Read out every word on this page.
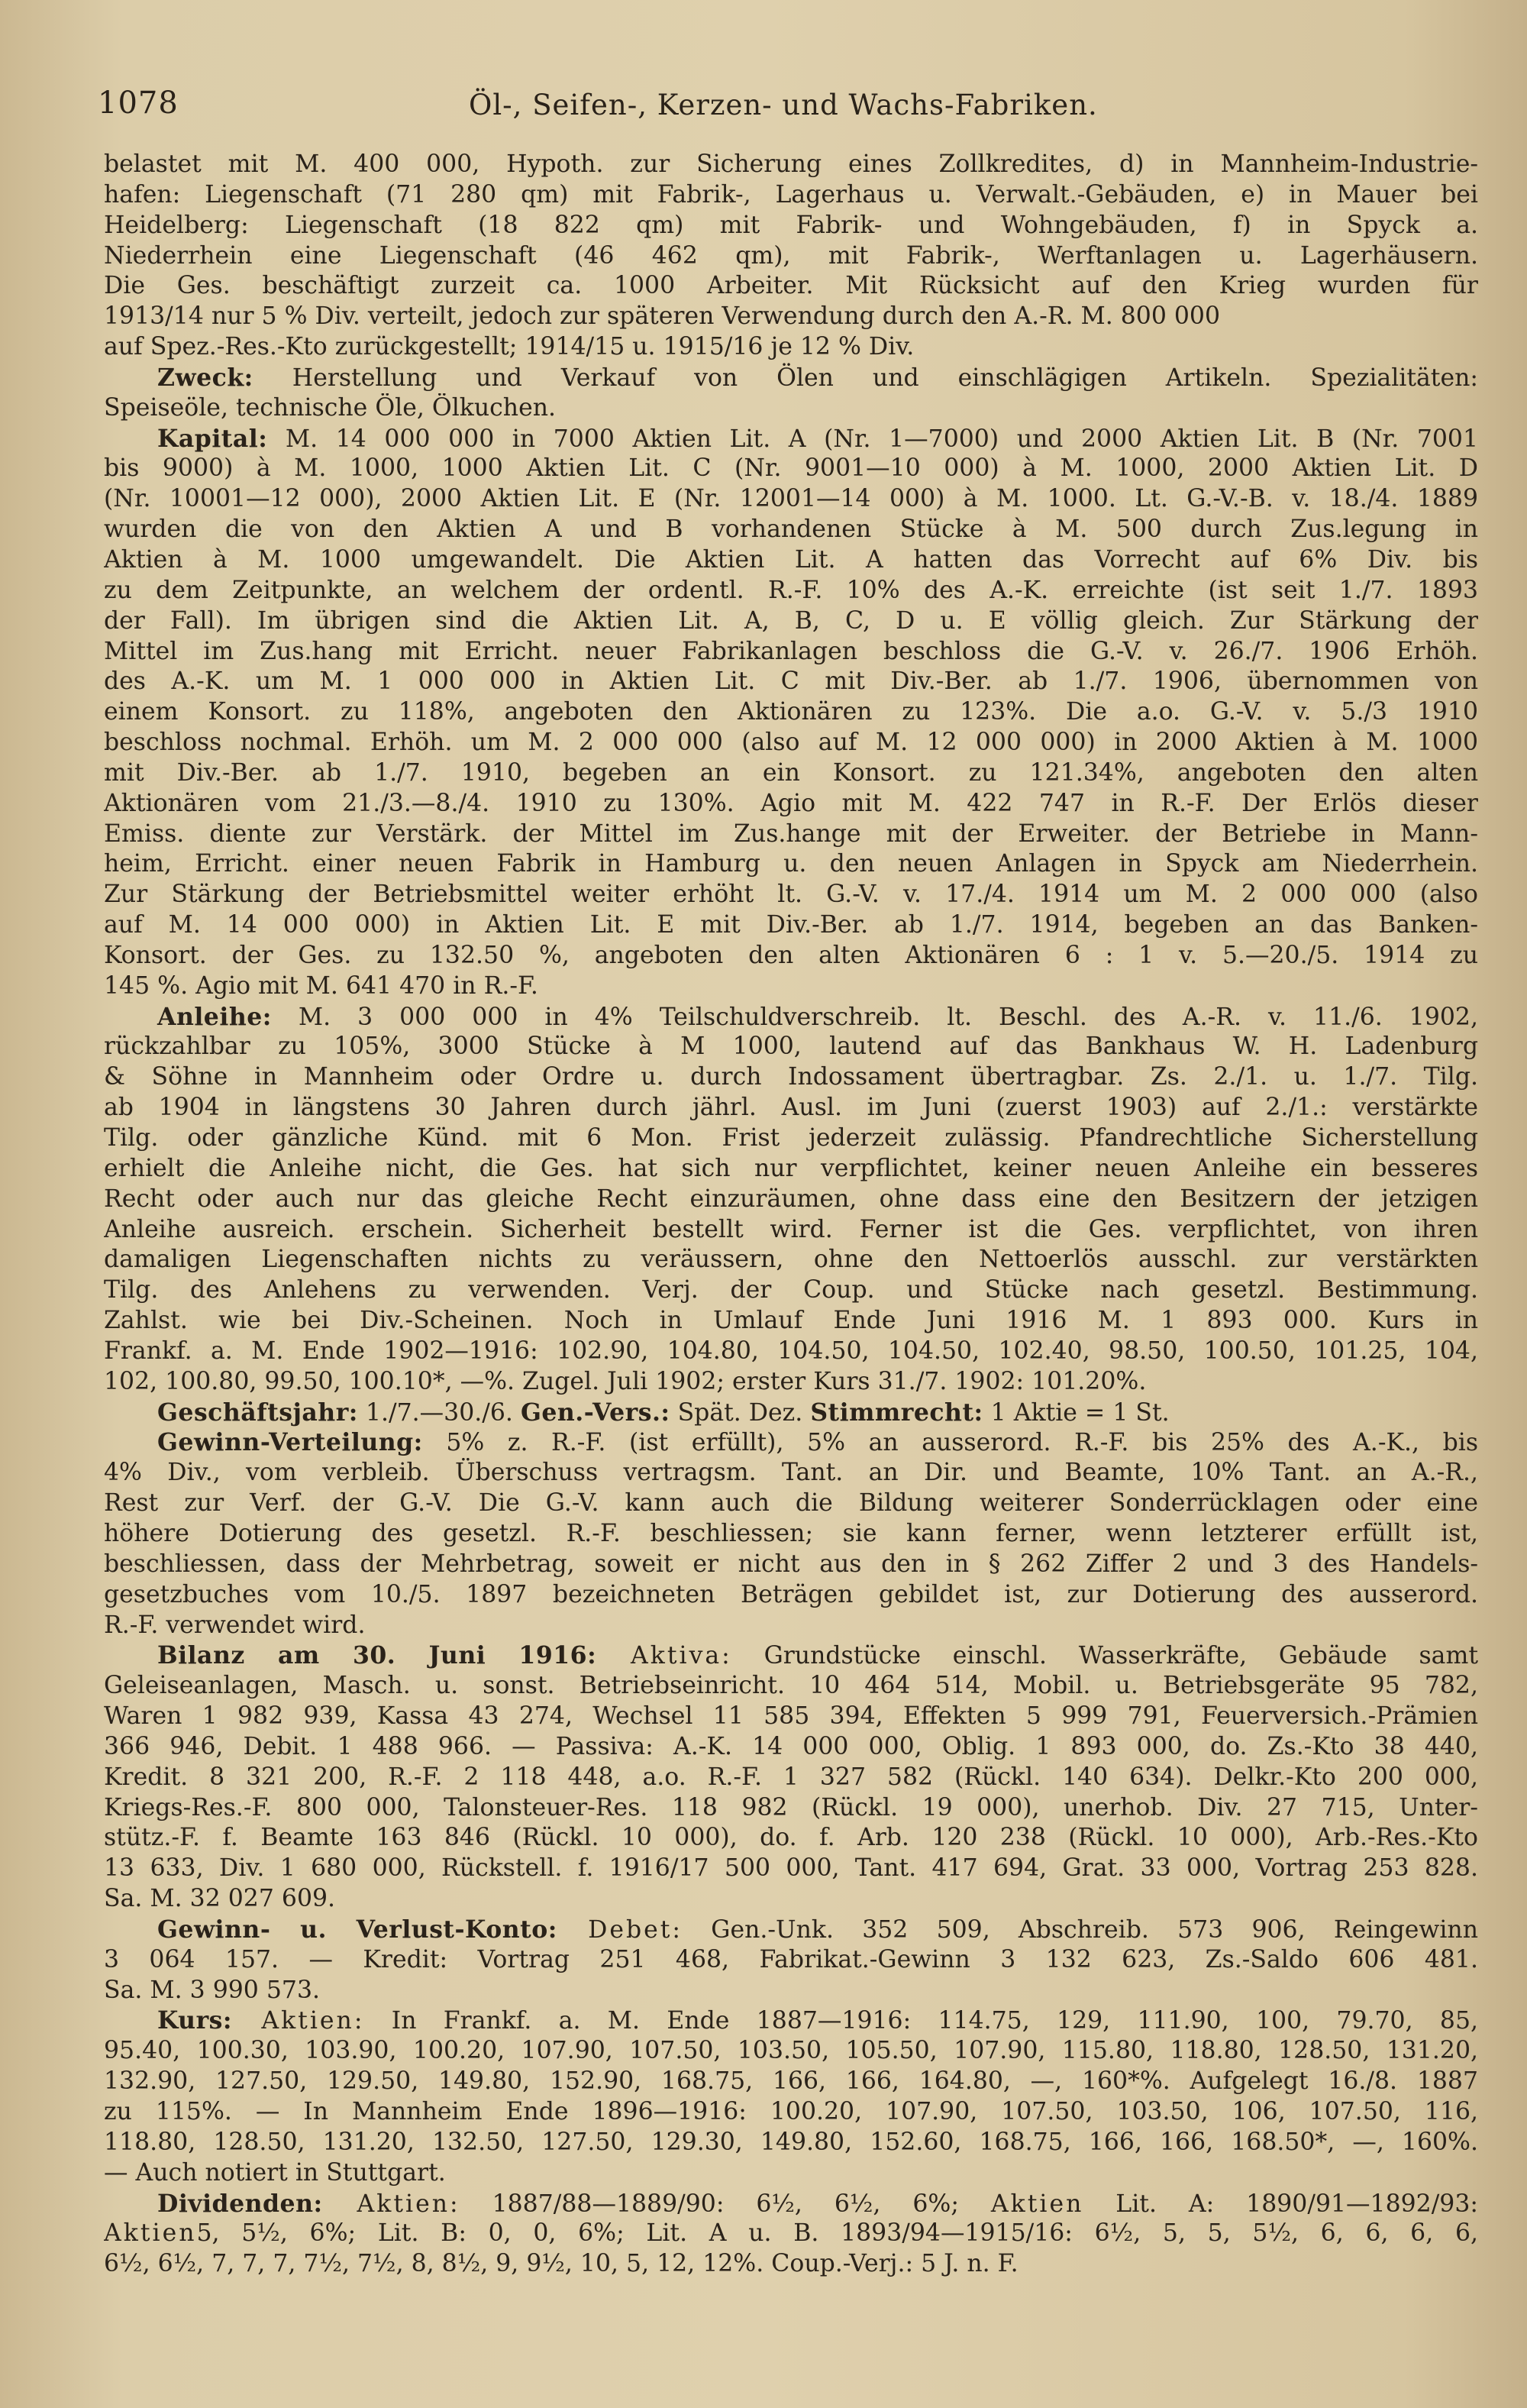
1078	Öl-, Seifen-, Kerzen- und Wachs-Fabriken.
belastet mit M. 400 000, Hypoth. zur Sicherung eines Zollkredites, d) in Mannheim-Industrie-
hafen: Liegenschaft (71 280 qm) mit Fabrik-, Lagerhaus u. Verwalt.-Gebäuden, e) in Mauer bei
Heidelberg: Liegenschaft (18 822 qm) mit Fabrik- und Wohngebäuden, f) in Spyck a.
Niederrhein eine Liegenschaft (46 462 qm), mit Fabrik-, Werftanlagen u. Lagerhäusern.
Die Ges. beschäftigt zurzeit ca. 1000 Arbeiter. Mit Rücksicht auf den Krieg wurden für
1913/14 nur 5 % Div. verteilt, jedoch zur späteren Verwendung durch den A.-R. M. 800 000
auf Spez.-Res.-Kto zurückgestellt; 1914/15 u. 1915/16 je 12 % Div.
Zweck: Herstellung und Verkauf von Ölen und einschlägigen Artikeln. Spezialitäten:
Speiseöle, technische Öle, Ölkuchen.
Kapital: M. 14 000 000 in 7000 Aktien Lit. A (Nr. 1—7000) und 2000 Aktien Lit. B (Nr. 7001
bis 9000) à M. 1000, 1000 Aktien Lit. C (Nr. 9001—10 000) à M. 1000, 2000 Aktien Lit. D
(Nr. 10001—12 000), 2000 Aktien Lit. E (Nr. 12001—14 000) à M. 1000. Lt. G.-V.-B. v. 18./4. 1889
wurden die von den Aktien A und B vorhandenen Stücke à M. 500 durch Zus.legung in
Aktien à M. 1000 umgewandelt. Die Aktien Lit. A hatten das Vorrecht auf 6% Div. bis
zu dem Zeitpunkte, an welchem der ordentl. R.-F. 10% des A.-K. erreichte (ist seit 1./7. 1893
der Fall). Im übrigen sind die Aktien Lit. A, B, C, D u. E völlig gleich. Zur Stärkung der
Mittel im Zus.hang mit Erricht. neuer Fabrikanlagen beschloss die G.-V. v. 26./7. 1906 Erhöh.
des A.-K. um M. 1 000 000 in Aktien Lit. C mit Div.-Ber. ab 1./7. 1906, übernommen von
einem Konsort. zu 118%, angeboten den Aktionären zu 123%. Die a.o. G.-V. v. 5./3 1910
beschloss nochmal. Erhöh. um M. 2 000 000 (also auf M. 12 000 000) in 2000 Aktien à M. 1000
mit Div.-Ber. ab 1./7. 1910, begeben an ein Konsort. zu 121.34%, angeboten den alten
Aktionären vom 21./3.—8./4. 1910 zu 130%. Agio mit M. 422 747 in R.-F. Der Erlös dieser
Emiss. diente zur Verstärk. der Mittel im Zus.hange mit der Erweiter. der Betriebe in Mann-
heim, Erricht. einer neuen Fabrik in Hamburg u. den neuen Anlagen in Spyck am Niederrhein.
Zur Stärkung der Betriebsmittel weiter erhöht lt. G.-V. v. 17./4. 1914 um M. 2 000 000 (also
auf M. 14 000 000) in Aktien Lit. E mit Div.-Ber. ab 1./7. 1914, begeben an das Banken-
Konsort. der Ges. zu 132.50 %, angeboten den alten Aktionären 6 : 1 v. 5.—20./5. 1914 zu
145 %. Agio mit M. 641 470 in R.-F.
Anleihe: M. 3 000 000 in 4% Teilschuldverschreib. lt. Beschl. des A.-R. v. 11./6. 1902,
rückzahlbar zu 105%, 3000 Stücke à M 1000, lautend auf das Bankhaus W. H. Ladenburg
& Söhne in Mannheim oder Ordre u. durch Indossament übertragbar. Zs. 2./1. u. 1./7. Tilg.
ab 1904 in längstens 30 Jahren durch jährl. Ausl. im Juni (zuerst 1903) auf 2./1.: verstärkte
Tilg. oder gänzliche Künd. mit 6 Mon. Frist jederzeit zulässig. Pfandrechtliche Sicherstellung
erhielt die Anleihe nicht, die Ges. hat sich nur verpflichtet, keiner neuen Anleihe ein besseres
Recht oder auch nur das gleiche Recht einzuräumen, ohne dass eine den Besitzern der jetzigen
Anleihe ausreich. erschein. Sicherheit bestellt wird. Ferner ist die Ges. verpflichtet, von ihren
damaligen Liegenschaften nichts zu veräussern, ohne den Nettoerlös ausschl. zur verstärkten
Tilg. des Anlehens zu verwenden. Verj. der Coup. und Stücke nach gesetzl. Bestimmung.
Zahlst. wie bei Div.-Scheinen. Noch in Umlauf Ende Juni 1916 M. 1 893 000. Kurs in
Frankf. a. M. Ende 1902—1916: 102.90, 104.80, 104.50, 104.50, 102.40, 98.50, 100.50, 101.25, 104,
102, 100.80, 99.50, 100.10*, —%. Zugel. Juli 1902; erster Kurs 31./7. 1902: 101.20%.
Geschäftsjahr: 1./7.—30./6. Gen.-Vers.: Spät. Dez. Stimmrecht: 1 Aktie = 1 St.
Gewinn-Verteilung: 5% z. R.-F. (ist erfüllt), 5% an ausserord. R.-F. bis 25% des A.-K., bis
4% Div., vom verbleib. Überschuss vertragsm. Tant. an Dir. und Beamte, 10% Tant. an A.-R.,
Rest zur Verf. der G.-V. Die G.-V. kann auch die Bildung weiterer Sonderrücklagen oder eine
höhere Dotierung des gesetzl. R.-F. beschliessen; sie kann ferner, wenn letzterer erfüllt ist,
beschliessen, dass der Mehrbetrag, soweit er nicht aus den in § 262 Ziffer 2 und 3 des Handels-
gesetzbuches vom 10./5. 1897 bezeichneten Beträgen gebildet ist, zur Dotierung des ausserord.
R.-F. verwendet wird.
Bilanz am 30. Juni 1916: Aktiva: Grundstücke einschl. Wasserkräfte, Gebäude samt
Geleiseanlagen, Masch. u. sonst. Betriebseinricht. 10 464 514, Mobil. u. Betriebsgeräte 95 782,
Waren 1 982 939, Kassa 43 274, Wechsel 11 585 394, Effekten 5 999 791, Feuerversich.-Prämien
366 946, Debit. 1 488 966. — Passiva: A.-K. 14 000 000, Oblig. 1 893 000, do. Zs.-Kto 38 440,
Kredit. 8 321 200, R.-F. 2 118 448, a.o. R.-F. 1 327 582 (Rückl. 140 634). Delkr.-Kto 200 000,
Kriegs-Res.-F. 800 000, Talonsteuer-Res. 118 982 (Rückl. 19 000), unerhob. Div. 27 715, Unter-
stütz.-F. f. Beamte 163 846 (Rückl. 10 000), do. f. Arb. 120 238 (Rückl. 10 000), Arb.-Res.-Kto
13 633, Div. 1 680 000, Rückstell. f. 1916/17 500 000, Tant. 417 694, Grat. 33 000, Vortrag 253 828.
Sa. M. 32 027 609.
Gewinn- u. Verlust-Konto: Debet: Gen.-Unk. 352 509, Abschreib. 573 906, Reingewinn
3 064 157. — Kredit: Vortrag 251 468, Fabrikat.-Gewinn 3 132 623, Zs.-Saldo 606 481.
Sa. M. 3 990 573.
Kurs: Aktien: In Frankf. a. M. Ende 1887—1916: 114.75, 129, 111.90, 100, 79.70, 85,
95.40, 100.30, 103.90, 100.20, 107.90, 107.50, 103.50, 105.50, 107.90, 115.80, 118.80, 128.50, 131.20,
132.90, 127.50, 129.50, 149.80, 152.90, 168.75, 166, 166, 164.80, —, 160*%. Aufgelegt 16./8. 1887
zu 115%. — In Mannheim Ende 1896—1916: 100.20, 107.90, 107.50, 103.50, 106, 107.50, 116,
118.80, 128.50, 131.20, 132.50, 127.50, 129.30, 149.80, 152.60, 168.75, 166, 166, 168.50*, —, 160%.
— Auch notiert in Stuttgart.
Dividenden: Aktien: 1887/88—1889/90: 6½, 6½, 6%; Aktien Lit. A: 1890/91—1892/93:
Aktien5, 5½, 6%; Lit. B: 0, 0, 6%; Lit. A u. B. 1893/94—1915/16: 6½, 5, 5, 5½, 6, 6, 6, 6,
6½, 6½, 7, 7, 7, 7½, 7½, 8, 8½, 9, 9½, 10, 5, 12, 12%. Coup.-Verj.: 5 J. n. F.
